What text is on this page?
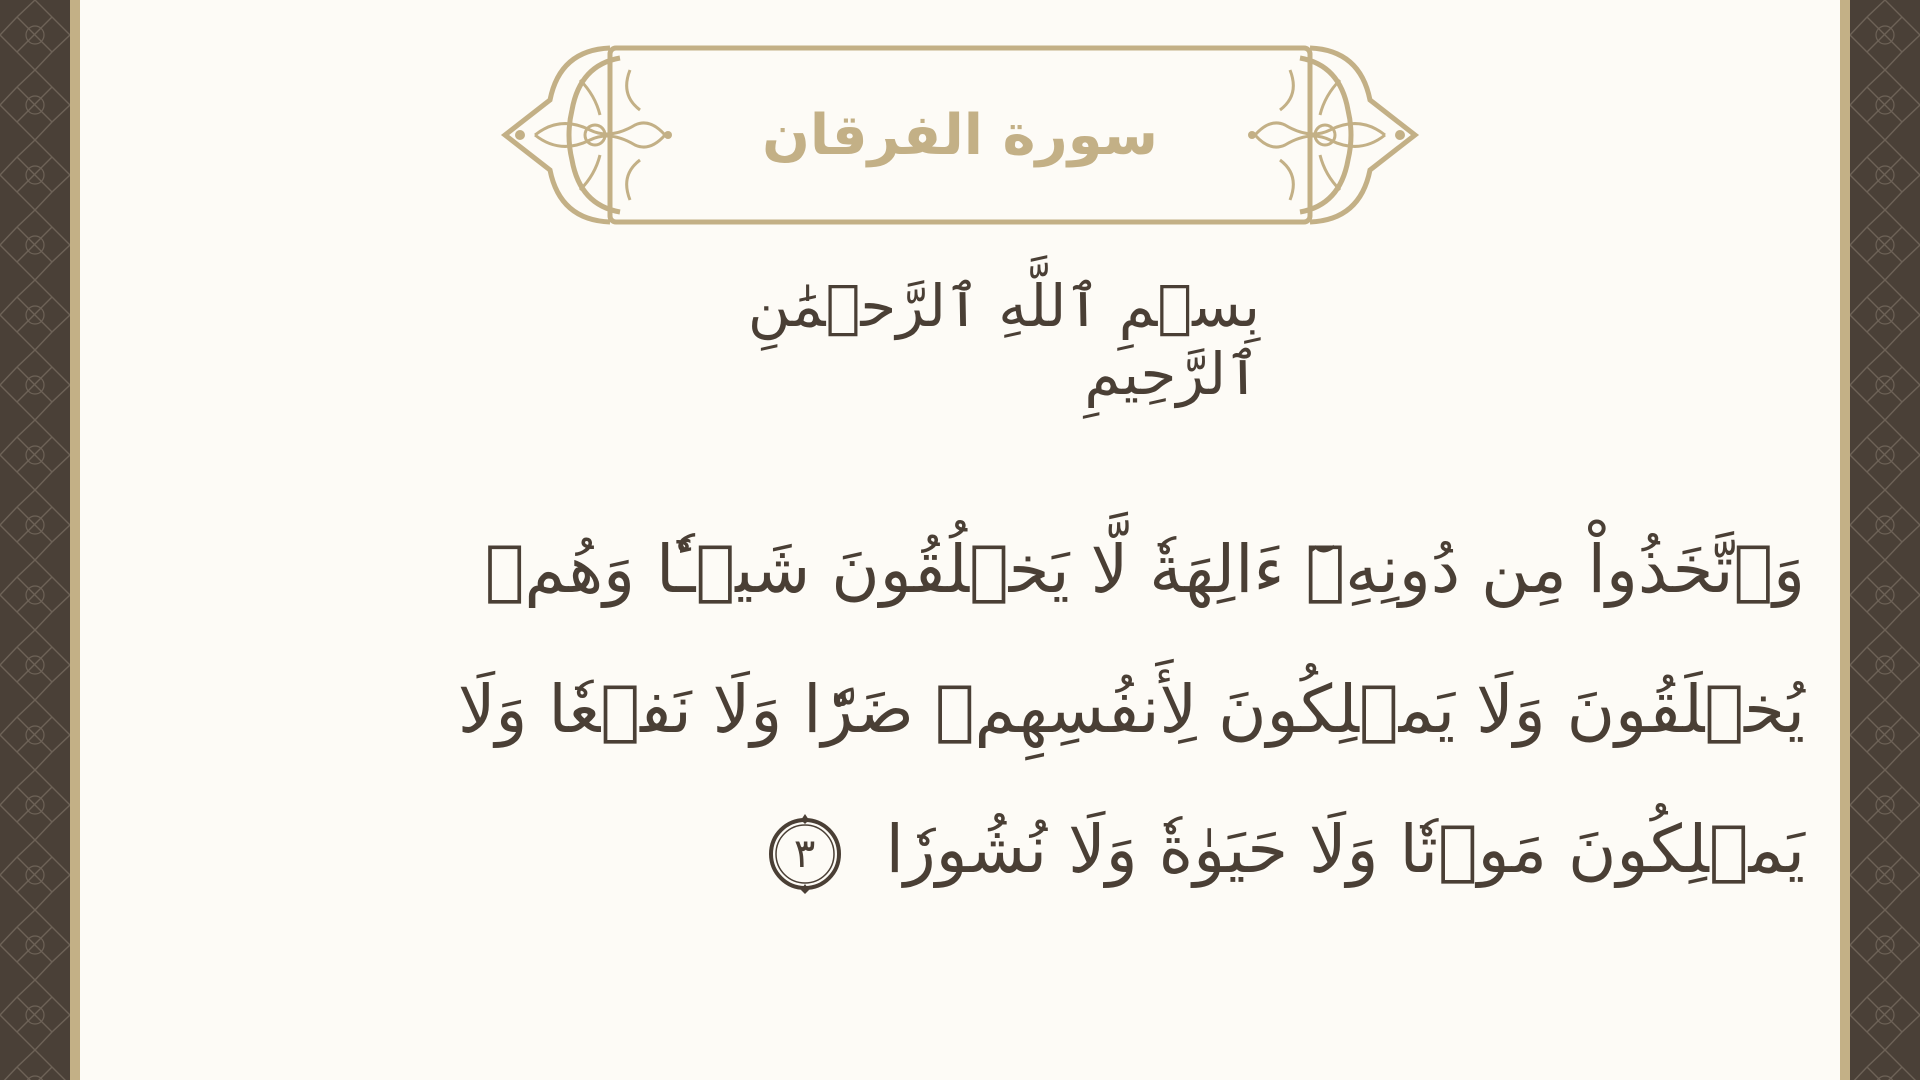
سورة الفرقان
بِسۡمِ ٱللَّهِ ٱلرَّحۡمَٰنِ ٱلرَّحِيمِ
وَٱتَّخَذُواْ مِن دُونِهِۦٓ ءَالِهَةٗ لَّا يَخۡلُقُونَ شَيۡـٔٗا وَهُمۡ يُخۡلَقُونَ وَلَا يَمۡلِكُونَ لِأَنفُسِهِمۡ ضَرّٗا وَلَا نَفۡعٗا وَلَا يَمۡلِكُونَ مَوۡتٗا وَلَا حَيَوٰةٗ وَلَا نُشُورٗا
٣
